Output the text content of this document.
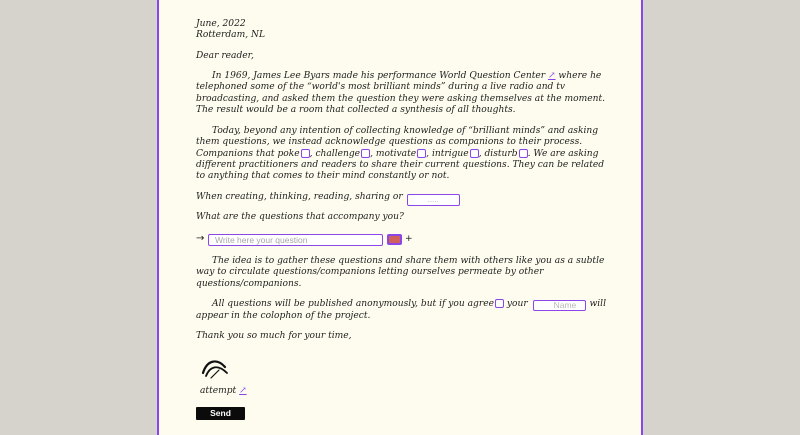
June, 2022

Rotterdam, NL

Dear reader,

In 1969, James Lee Byars made his performance World Question Center ↗ where he telephoned some of the “world's most brilliant minds” during a live radio and tv broadcasting, and asked them the question they were asking themselves at the moment. The result would be a room that collected a synthesis of all thoughts.

Today, beyond any intention of collecting knowledge of “brilliant minds” and asking them questions, we instead acknowledge questions as companions to their process. Companions that poke , challenge , motivate , intrigue , disturb . We are asking different practitioners and readers to share their current questions. They can be related to anything that comes to their mind constantly or not.

When creating, thinking, reading, sharing or	.....

What are the questions that accompany you?

→	Write here your question	+

The idea is to gather these questions and share them with others like you as a subtle way to circulate questions/companions letting ourselves permeate by other questions/companions.

All questions will be published anonymously, but if you agree your	Name will appear in the colophon of the project.

Thank you so much for your time,

attempt ↗

Send
